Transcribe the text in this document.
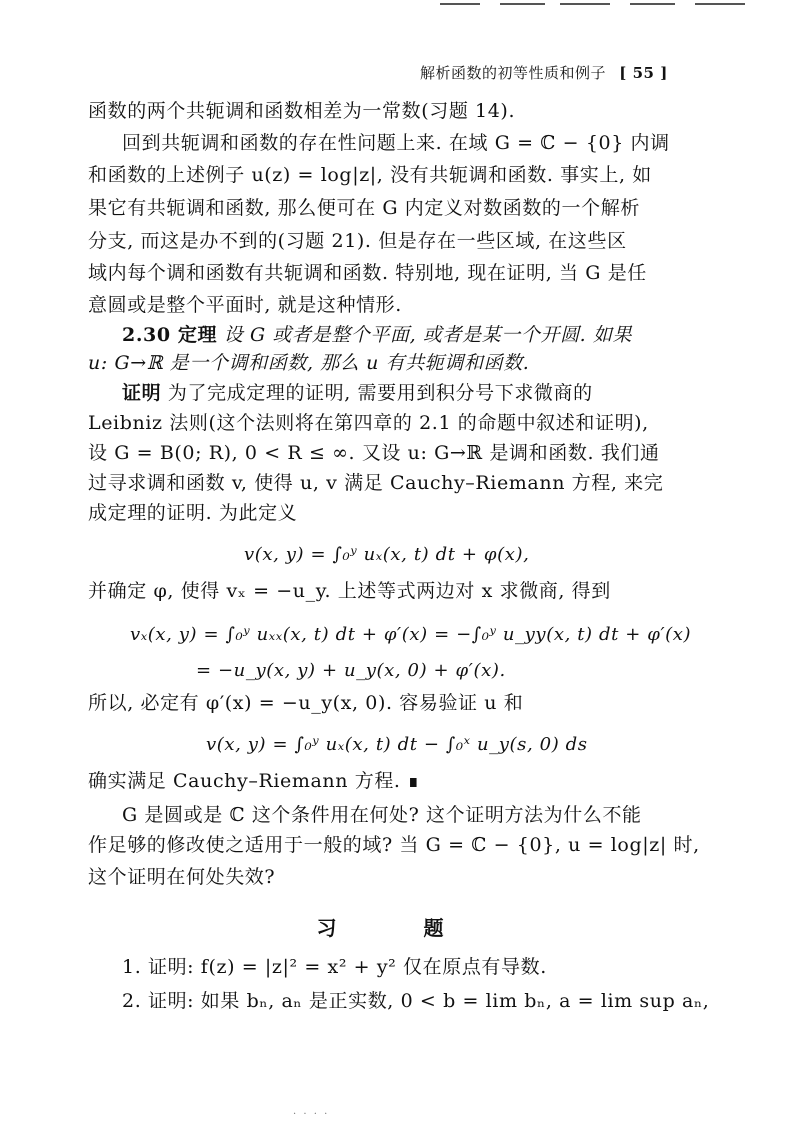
解析函数的初等性质和例子 [ 55 ]
函数的两个共轭调和函数相差为一常数(习题 14).
回到共轭调和函数的存在性问题上来. 在域 G = ℂ − {0} 内调
和函数的上述例子 u(z) = log|z|, 没有共轭调和函数. 事实上, 如
果它有共轭调和函数, 那么便可在 G 内定义对数函数的一个解析
分支, 而这是办不到的(习题 21). 但是存在一些区域, 在这些区
域内每个调和函数有共轭调和函数. 特别地, 现在证明, 当 G 是任
意圆或是整个平面时, 就是这种情形.
2.30 定理 设 G 或者是整个平面, 或者是某一个开圆. 如果
u: G→ℝ 是一个调和函数, 那么 u 有共轭调和函数.
证明 为了完成定理的证明, 需要用到积分号下求微商的
Leibniz 法则(这个法则将在第四章的 2.1 的命题中叙述和证明),
设 G = B(0; R), 0 < R ≤ ∞. 又设 u: G→ℝ 是调和函数. 我们通
过寻求调和函数 v, 使得 u, v 满足 Cauchy–Riemann 方程, 来完
成定理的证明. 为此定义
v(x, y) = ∫₀ʸ uₓ(x, t) dt + φ(x),
并确定 φ, 使得 vₓ = −u_y. 上述等式两边对 x 求微商, 得到
vₓ(x, y) = ∫₀ʸ uₓₓ(x, t) dt + φ′(x) = −∫₀ʸ u_yy(x, t) dt + φ′(x)
= −u_y(x, y) + u_y(x, 0) + φ′(x).
所以, 必定有 φ′(x) = −u_y(x, 0). 容易验证 u 和
v(x, y) = ∫₀ʸ uₓ(x, t) dt − ∫₀ˣ u_y(s, 0) ds
确实满足 Cauchy–Riemann 方程. ∎
G 是圆或是 ℂ 这个条件用在何处? 这个证明方法为什么不能
作足够的修改使之适用于一般的域? 当 G = ℂ − {0}, u = log|z| 时,
这个证明在何处失效?
习 题
1. 证明: f(z) = |z|² = x² + y² 仅在原点有导数.
2. 证明: 如果 bₙ, aₙ 是正实数, 0 < b = lim bₙ, a = lim sup aₙ,
. . . .
